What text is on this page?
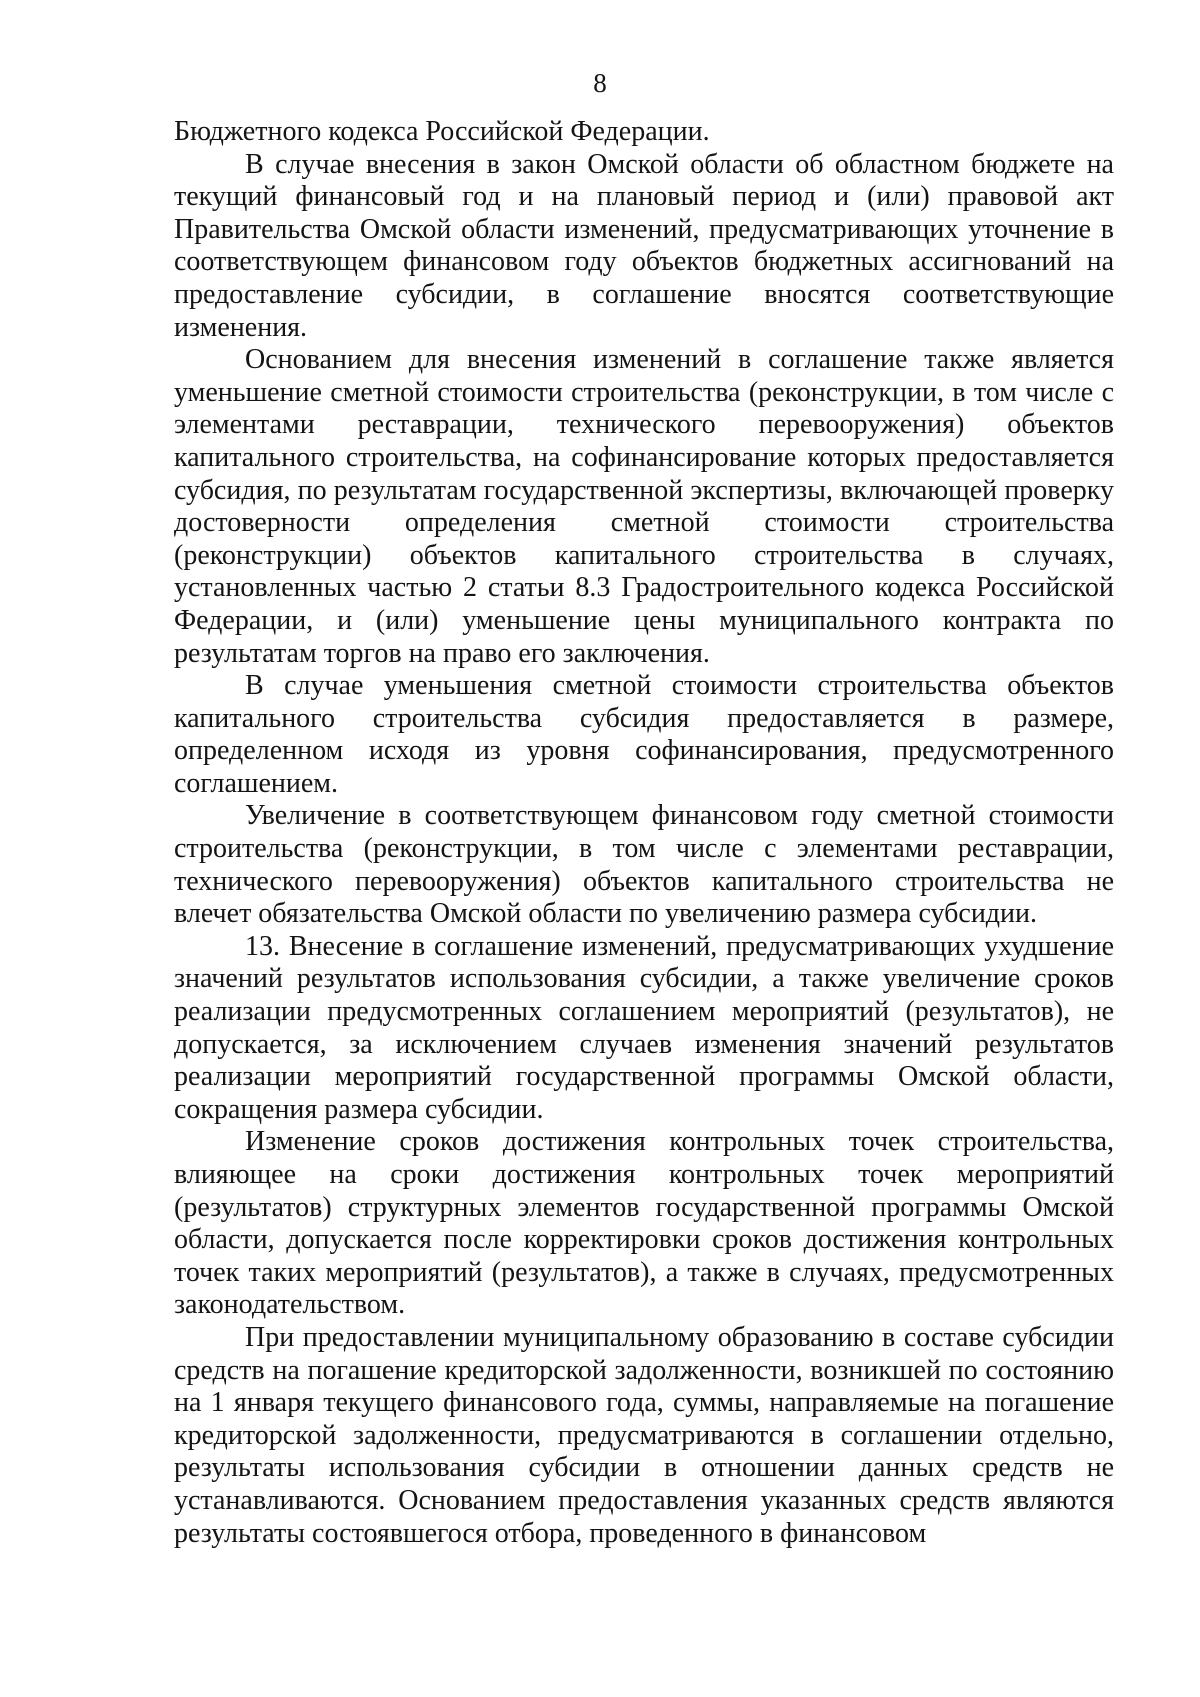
8

Бюджетного кодекса Российской Федерации.

В случае внесения в закон Омской области об областном бюджете на текущий финансовый год и на плановый период и (или) правовой акт Правительства Омской области изменений, предусматривающих уточнение в соответствующем финансовом году объектов бюджетных ассигнований на предоставление субсидии, в соглашение вносятся соответствующие изменения.

Основанием для внесения изменений в соглашение также является уменьшение сметной стоимости строительства (реконструкции, в том числе с элементами реставрации, технического перевооружения) объектов капитального строительства, на софинансирование которых предоставляется субсидия, по результатам государственной экспертизы, включающей проверку достоверности определения сметной стоимости строительства (реконструкции) объектов капитального строительства в случаях, установленных частью 2 статьи 8.3 Градостроительного кодекса Российской Федерации, и (или) уменьшение цены муниципального контракта по результатам торгов на право его заключения.

В случае уменьшения сметной стоимости строительства объектов капитального строительства субсидия предоставляется в размере, определенном исходя из уровня софинансирования, предусмотренного соглашением.

Увеличение в соответствующем финансовом году сметной стоимости строительства (реконструкции, в том числе с элементами реставрации, технического перевооружения) объектов капитального строительства не влечет обязательства Омской области по увеличению размера субсидии.

13. Внесение в соглашение изменений, предусматривающих ухудшение значений результатов использования субсидии, а также увеличение сроков реализации предусмотренных соглашением мероприятий (результатов), не допускается, за исключением случаев изменения значений результатов реализации мероприятий государственной программы Омской области, сокращения размера субсидии.

Изменение сроков достижения контрольных точек строительства, влияющее на сроки достижения контрольных точек мероприятий (результатов) структурных элементов государственной программы Омской области, допускается после корректировки сроков достижения контрольных точек таких мероприятий (результатов), а также в случаях, предусмотренных законодательством.

При предоставлении муниципальному образованию в составе субсидии средств на погашение кредиторской задолженности, возникшей по состоянию на 1 января текущего финансового года, суммы, направляемые на погашение кредиторской задолженности, предусматриваются в соглашении отдельно, результаты использования субсидии в отношении данных средств не устанавливаются. Основанием предоставления указанных средств являются результаты состоявшегося отбора, проведенного в финансовом
